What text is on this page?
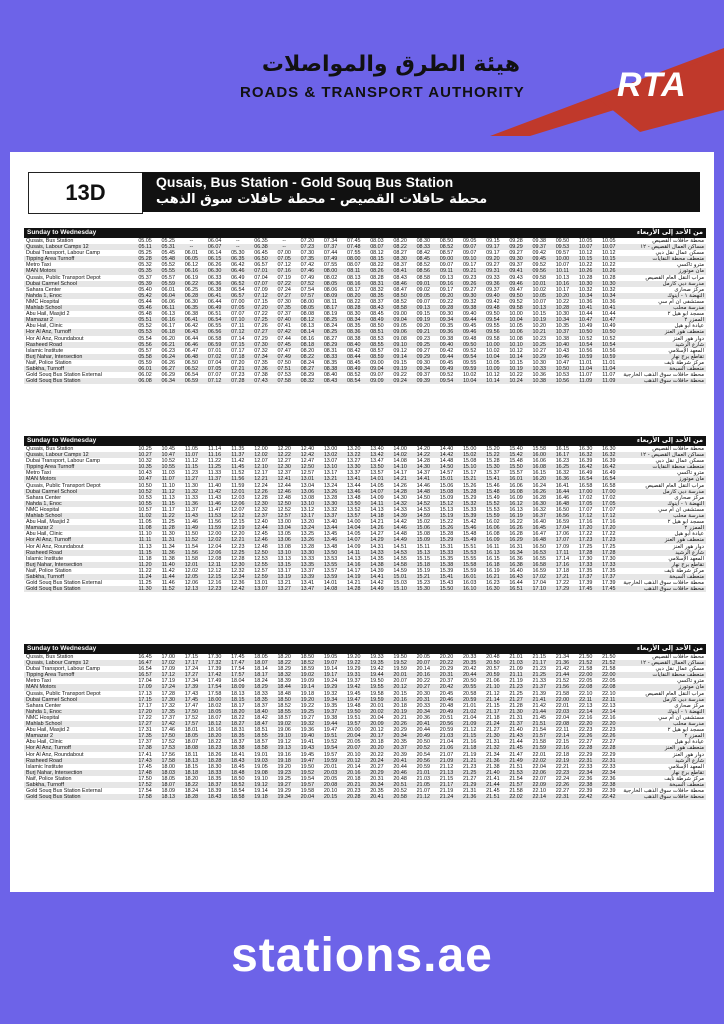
هيئة الطرق والمواصلات
ROADS & TRANSPORT AUTHORITY	RTA
13D	Qusais, Bus Station - Gold Souq Bus Station
محطة حافلات القصيص - محطة حافلات سوق الذهب
Sunday to Wednesday	من الأحد إلى الأربعاء
Qusais, Bus Station	05.05	05.25	--	06.04	--	06.35	--	07.20	07.34	07.45	08.03	08.20	08.30	08.50	09.05	09.15	09.28	09.38	09.50	10.05	10.05	محطة حافلات القصيص
Qusais, Labour Camps 12	05.11	05.31	--	06.07	--	06.38	--	07.23	07.37	07.48	08.07	08.22	08.33	08.52	09.07	09.17	09.29	09.37	09.53	10.07	10.07	مساكن العمال القصيص - ١٢
Dubai Transport, Labour Camp	05.25	05.45	06.01	06.14	05.30	06.45	07.00	07.30	07.44	07.55	08.12	08.27	08.42	08.57	09.07	09.17	09.27	09.42	09.57	10.12	10.12	مسكن عمال نقل دبي
Tipping Area Turnoff	05.28	05.48	06.05	06.15	06.35	06.50	07.05	07.35	07.49	08.00	08.15	08.30	08.45	09.00	09.10	09.20	09.30	09.45	10.00	10.15	10.15	منعطف محطة النفايات
Metro Taxi	05.32	05.52	06.12	06.26	06.42	06.57	07.12	07.42	07.55	08.07	08.22	08.37	08.52	09.07	09.17	09.27	09.37	09.52	10.07	10.22	10.22	مترو تاكسي
MAN Motors	05.35	05.55	06.16	06.30	06.46	07.01	07.16	07.46	08.00	08.11	08.26	08.41	08.56	09.11	09.21	09.31	09.41	09.56	10.11	10.26	10.26	مان موتورز
Qusais, Public Transport Depot	05.37	05.57	06.19	06.33	06.49	07.04	07.19	07.49	08.02	08.13	08.28	08.43	08.58	09.13	09.23	09.33	09.43	09.58	10.13	10.28	10.28	مرآب النقل العام القصيص
Dubai Carmel School	05.39	05.59	06.22	06.36	06.52	07.07	07.22	07.52	08.05	08.16	08.31	08.46	09.01	09.16	09.26	09.36	09.46	10.01	10.16	10.30	10.30	مدرسة دبي كارمل
Sahara Center	05.40	06.01	06.25	06.38	06.54	07.09	07.24	07.54	08.06	08.17	08.32	08.47	09.02	09.17	09.27	09.37	09.47	10.02	10.17	10.32	10.32	مركز صحارى
Nahda 1, Enoc	05.42	06.04	06.28	06.41	06.57	07.12	07.27	07.57	08.09	08.20	08.35	08.50	09.05	09.20	09.30	09.40	09.50	10.05	10.20	10.34	10.34	النهضة ١ - اينوك
NMC Hospital	05.44	06.06	06.30	06.44	07.00	07.15	07.30	08.00	08.11	08.22	08.37	08.52	09.07	09.22	09.32	09.42	09.52	10.07	10.22	10.36	10.36	مستشفى ان ام سي
Mahlab School	05.46	06.11	06.35	06.49	07.05	07.20	07.35	08.05	08.17	08.28	08.43	08.58	09.13	09.28	09.38	09.48	09.58	10.13	10.28	10.41	10.41	مدرسة محلب
Abu Hail, Masjid 2	05.48	06.13	06.38	06.51	07.07	07.22	07.37	08.08	08.19	08.30	08.45	09.00	09.15	09.30	09.40	09.50	10.00	10.15	10.30	10.44	10.44	مسجد أبو هيل ٢
Mamazar 2	05.51	06.16	06.41	06.54	07.10	07.25	07.40	08.12	08.25	08.34	08.49	09.04	09.19	09.34	09.44	09.54	10.04	10.19	10.34	10.47	10.47	الممزر ٢
Abu Hail, Clinic	05.52	06.17	06.42	06.55	07.11	07.26	07.41	08.13	08.24	08.35	08.50	09.05	09.20	09.35	09.45	09.55	10.05	10.20	10.35	10.49	10.49	عيادة أبو هيل
Hor Al Anz, Turnoff	05.53	06.18	06.43	06.56	07.12	07.27	07.42	08.14	08.25	08.36	08.51	09.06	09.21	09.36	09.46	09.56	10.06	10.21	10.37	10.50	10.50	منعطف هور العنز
Hor Al Anz, Roundabout	05.54	06.20	06.44	06.58	07.14	07.29	07.44	08.16	08.27	08.38	08.53	09.08	09.23	09.38	09.48	09.58	10.08	10.23	10.38	10.52	10.52	دوار هور العنز
Rasheed Road	05.56	06.21	06.46	06.59	07.15	07.30	07.45	08.18	08.29	08.40	08.55	09.10	09.25	09.40	09.50	10.00	10.10	10.25	10.40	10.54	10.54	شارع الرشيد
Islamic Institute	05.57	06.23	06.47	07.01	07.17	07.32	07.47	08.20	08.31	08.42	08.57	09.12	09.27	09.42	09.52	10.02	10.12	10.27	10.43	10.56	10.56	المعهد الإسلامي
Burj Nahar, Intersection	05.58	06.24	06.48	07.02	07.18	07.34	07.49	08.22	08.33	08.44	08.59	09.14	09.29	09.44	09.54	10.04	10.14	10.29	10.46	10.59	10.59	تقاطع برج نهار
Naif, Police Station	05.59	06.26	06.50	07.04	07.20	07.35	07.50	08.24	08.35	08.45	09.00	09.15	09.30	09.45	09.55	10.05	10.15	10.30	10.47	11.01	11.01	مركز شرطة نايف
Sabkha, Turnoff	06.01	06.27	06.52	07.05	07.21	07.36	07.51	08.27	08.38	08.49	09.04	09.19	09.34	09.49	09.59	10.09	10.19	10.33	10.50	11.04	11.04	منعطف السبخة
Gold Souq Bus Station External	06.02	06.29	06.54	07.07	07.23	07.38	07.53	08.29	08.40	08.52	09.07	09.22	09.37	09.52	10.02	10.12	10.22	10.36	10.53	11.07	11.07	محطة حافلات سوق الذهب الخارجية
Gold Souq Bus Station	06.08	06.34	06.59	07.12	07.28	07.43	07.58	08.32	08.43	08.54	09.09	09.24	09.39	09.54	10.04	10.14	10.24	10.38	10.56	11.09	11.09	محطة حافلات سوق الذهب
Sunday to Wednesday	من الأحد إلى الأربعاء
Qusais, Bus Station	10.25	10.45	11.05	11.14	11.35	12.00	12.20	12.40	13.00	13.20	13.40	14.00	14.20	14.40	15.00	15.20	15.40	15.58	16.15	16.30	16.30	محطة حافلات القصيص
Qusais, Labour Camps 12	10.27	10.47	11.07	11.16	11.37	12.02	12.22	12.42	13.02	13.22	13.42	14.02	14.22	14.42	15.02	15.22	15.42	16.00	16.17	16.32	16.32	مساكن العمال القصيص - ١٢
Dubai Transport, Labour Camp	10.32	10.52	11.12	11.22	11.42	12.07	12.27	12.47	13.07	13.27	13.47	14.08	14.28	14.48	15.08	15.28	15.48	16.06	16.23	16.39	16.39	مسكن عمال نقل دبي
Tipping Area Turnoff	10.35	10.55	11.15	11.25	11.45	12.10	12.30	12.50	13.10	13.30	13.50	14.10	14.30	14.50	15.10	15.30	15.50	16.08	16.25	16.42	16.42	منعطف محطة النفايات
Metro Taxi	10.43	11.03	11.23	11.33	11.52	12.17	12.37	12.57	13.17	13.37	13.57	14.17	14.37	14.57	15.17	15.37	15.57	16.15	16.32	16.49	16.49	مترو تاكسي
MAN Motors	10.47	11.07	11.27	11.37	11.56	12.21	12.41	13.01	13.21	13.41	14.01	14.21	14.41	15.01	15.21	15.41	16.01	16.20	16.36	16.54	16.54	مان موتورز
Qusais, Public Transport Depot	10.50	11.10	11.30	11.40	11.59	12.24	12.44	13.04	13.24	13.44	14.05	14.26	14.46	15.06	15.26	15.46	16.06	16.24	16.41	16.58	16.58	مرآب النقل العام القصيص
Dubai Carmel School	10.52	11.12	11.32	11.42	12.01	12.26	12.46	13.06	13.26	13.46	14.07	14.28	14.48	15.08	15.28	15.48	16.08	16.26	16.44	17.00	17.00	مدرسة دبي كارمل
Sahara Center	10.53	11.13	11.33	11.43	12.03	12.28	12.48	13.08	13.28	13.48	14.09	14.30	14.50	15.09	15.29	15.49	16.09	16.28	16.46	17.02	17.02	مركز صحارى
Nahda 1, Enoc	10.55	11.15	11.36	11.46	12.06	12.30	12.50	13.10	13.30	13.50	14.11	14.32	14.52	15.12	15.32	15.52	16.12	16.30	16.48	17.05	17.05	النهضة ١ - اينوك
NMC Hospital	10.57	11.17	11.37	11.47	12.07	12.32	12.52	13.12	13.32	13.52	14.13	14.33	14.53	15.13	15.33	15.53	16.13	16.32	16.50	17.07	17.07	مستشفى ان ام سي
Mahlab School	11.02	11.22	11.43	11.53	12.12	12.37	12.57	13.17	13.37	13.57	14.18	14.39	14.59	15.19	15.39	15.59	16.19	16.37	16.56	17.12	17.12	مدرسة محلب
Abu Hail, Masjid 2	11.05	11.25	11.46	11.56	12.15	12.40	13.00	13.20	13.40	14.00	14.21	14.42	15.02	15.22	15.42	16.02	16.22	16.40	16.59	17.16	17.16	مسجد أبو هيل ٢
Mamazar 2	11.08	11.28	11.49	11.59	12.19	12.44	13.04	13.24	13.44	14.04	14.26	14.46	15.06	15.26	15.46	16.06	16.26	16.45	17.04	17.20	17.20	الممزر ٢
Abu Hail, Clinic	11.10	11.30	11.50	12.00	12.20	12.45	13.05	13.25	13.45	14.05	14.27	14.48	15.08	15.28	15.48	16.08	16.28	16.47	17.06	17.22	17.22	عيادة أبو هيل
Hor Al Anz, Turnoff	11.11	11.31	11.52	12.02	12.21	12.46	13.06	13.26	13.46	14.07	14.29	14.49	15.09	15.29	15.49	16.09	16.29	16.48	17.07	17.23	17.23	منعطف هور العنز
Hor Al Anz, Roundabout	11.13	11.34	11.54	12.04	12.23	12.48	13.08	13.28	13.48	14.09	14.31	14.51	15.11	15.31	15.51	16.11	16.31	16.50	17.09	17.25	17.25	دوار هور العنز
Rasheed Road	11.15	11.36	11.56	12.06	12.25	12.50	13.10	13.30	13.50	14.11	14.33	14.53	15.13	15.33	15.53	16.13	16.34	16.53	17.11	17.28	17.28	شارع الرشيد
Islamic Institute	11.18	11.38	11.58	12.08	12.28	12.53	13.13	13.33	13.53	14.13	14.35	14.55	15.15	15.35	15.55	16.15	16.36	16.55	17.14	17.30	17.30	المعهد الإسلامي
Burj Nahar, Intersection	11.20	11.40	12.01	12.11	12.30	12.55	13.15	13.35	13.55	14.16	14.38	14.58	15.18	15.38	15.58	16.18	16.38	16.58	17.16	17.33	17.33	تقاطع برج نهار
Naif, Police Station	11.22	11.42	12.02	12.12	12.32	12.57	13.17	13.37	13.57	14.17	14.39	14.59	15.19	15.39	15.59	16.19	16.40	16.59	17.18	17.35	17.35	مركز شرطة نايف
Sabkha, Turnoff	11.24	11.44	12.05	12.15	12.34	12.59	13.19	13.39	13.59	14.19	14.41	15.01	15.21	15.41	16.01	16.21	16.43	17.02	17.21	17.37	17.37	منعطف السبخة
Gold Souq Bus Station External	11.25	11.46	12.06	12.16	12.36	13.01	13.21	13.41	14.01	14.21	14.42	15.03	15.23	15.43	16.03	16.23	16.44	17.04	17.22	17.39	17.39	محطة حافلات سوق الذهب الخارجية
Gold Souq Bus Station	11.30	11.52	12.13	12.23	12.42	13.07	13.27	13.47	14.08	14.28	14.49	15.10	15.30	15.50	16.10	16.30	16.51	17.10	17.29	17.45	17.45	محطة حافلات سوق الذهب
Sunday to Wednesday	من الأحد إلى الأربعاء
Qusais, Bus Station	16.45	17.00	17.15	17.30	17.45	18.05	18.20	18.50	19.05	19.20	19.33	19.50	20.05	20.20	20.33	20.48	21.01	21.15	21.34	21.50	21.50	محطة حافلات القصيص
Qusais, Labour Camps 12	16.47	17.02	17.17	17.32	17.47	18.07	18.22	18.52	19.07	19.22	19.35	19.52	20.07	20.22	20.35	20.50	21.03	21.17	21.36	21.52	21.52	مساكن العمال القصيص - ١٢
Dubai Transport, Labour Camp	16.54	17.09	17.24	17.39	17.54	18.14	18.29	18.59	19.14	19.29	19.42	19.59	20.14	20.29	20.42	20.57	21.09	21.23	21.42	21.58	21.58	مسكن عمال نقل دبي
Tipping Area Turnoff	16.57	17.12	17.27	17.42	17.57	18.17	18.32	19.02	19.17	19.31	19.44	20.01	20.16	20.31	20.44	20.59	21.11	21.25	21.44	22.00	22.00	منعطف محطة النفايات
Metro Taxi	17.04	17.19	17.34	17.49	18.04	18.24	18.39	19.09	19.24	19.37	19.50	20.07	20.22	20.37	20.50	21.06	21.19	21.33	21.52	22.05	22.05	مترو تاكسي
MAN Motors	17.09	17.24	17.39	17.54	18.09	18.29	18.44	19.14	19.29	19.42	19.55	20.12	20.27	20.42	20.55	21.10	21.23	21.37	21.56	22.08	22.08	مان موتورز
Qusais, Public Transport Depot	17.13	17.28	17.43	17.58	18.13	18.33	18.48	19.18	19.32	19.45	19.58	20.15	20.30	20.45	20.58	21.12	21.25	21.39	21.58	22.10	22.10	مرآب النقل العام القصيص
Dubai Carmel School	17.15	17.30	17.45	18.00	18.15	18.35	18.50	19.20	19.34	19.47	19.59	20.16	20.31	20.46	20.59	21.14	21.27	21.41	22.00	22.11	22.11	مدرسة دبي كارمل
Sahara Center	17.17	17.32	17.47	18.02	18.17	18.37	18.52	19.22	19.35	19.48	20.01	20.18	20.33	20.48	21.01	21.15	21.28	21.42	22.01	22.13	22.13	مركز صحارى
Nahda 1, Enoc	17.20	17.35	17.50	18.05	18.20	18.40	18.55	19.25	19.37	19.50	20.02	20.19	20.34	20.49	21.02	21.17	21.30	21.44	22.03	22.14	22.14	النهضة ١ - اينوك
NMC Hospital	17.22	17.37	17.52	18.07	18.22	18.42	18.57	19.27	19.38	19.51	20.04	20.21	20.36	20.51	21.04	21.18	21.31	21.45	22.04	22.16	22.16	مستشفى ان ام سي
Mahlab School	17.27	17.42	17.57	18.12	18.27	18.47	19.02	19.32	19.44	19.57	20.09	20.26	20.41	20.56	21.09	21.24	21.37	21.51	22.08	22.20	22.20	مدرسة محلب
Abu Hail, Masjid 2	17.31	17.46	18.01	18.16	18.31	18.51	19.06	19.36	19.47	20.00	20.12	20.29	20.44	20.59	21.12	21.27	21.40	21.54	22.11	22.23	22.23	مسجد أبو هيل ٢
Mamazar 2	17.35	17.50	18.05	18.20	18.35	18.55	19.10	19.40	19.51	20.04	20.17	20.34	20.49	21.03	21.15	21.30	21.43	21.57	22.14	22.26	22.26	الممزر ٢
Abu Hail, Clinic	17.37	17.52	18.07	18.22	18.37	18.57	19.12	19.41	19.52	20.05	20.18	20.35	20.50	21.04	21.16	21.31	21.44	21.58	22.15	22.27	22.27	عيادة أبو هيل
Hor Al Anz, Turnoff	17.38	17.53	18.08	18.23	18.38	18.58	19.13	19.43	19.54	20.07	20.20	20.37	20.52	21.06	21.18	21.32	21.45	21.59	22.16	22.28	22.28	منعطف هور العنز
Hor Al Anz, Roundabout	17.41	17.56	18.11	18.26	18.41	19.01	19.16	19.45	19.57	20.10	20.22	20.39	20.54	21.07	21.19	21.34	21.47	22.01	22.18	22.29	22.29	دوار هور العنز
Rasheed Road	17.43	17.58	18.13	18.28	18.43	19.03	19.18	19.47	19.59	20.12	20.24	20.41	20.56	21.09	21.21	21.36	21.49	22.02	22.19	22.31	22.31	شارع الرشيد
Islamic Institute	17.45	18.00	18.15	18.30	18.45	19.05	19.20	19.50	20.01	20.14	20.27	20.44	20.59	21.12	21.23	21.38	21.51	22.04	22.21	22.33	22.33	المعهد الإسلامي
Burj Nahar, Intersection	17.48	18.03	18.18	18.33	18.48	19.08	19.23	19.52	20.03	20.16	20.29	20.46	21.01	21.13	21.25	21.40	21.53	22.06	22.23	22.34	22.34	تقاطع برج نهار
Naif, Police Station	17.50	18.05	18.20	18.35	18.50	19.10	19.25	19.54	20.05	20.18	20.31	20.48	21.03	21.15	21.27	21.41	21.54	22.07	22.24	22.36	22.36	مركز شرطة نايف
Sabkha, Turnoff	17.52	18.07	18.22	18.37	18.52	19.12	19.27	19.57	20.08	20.21	20.34	20.51	21.05	21.17	21.29	21.44	21.57	22.09	22.26	22.38	22.38	منعطف السبخة
Gold Souq Bus Station External	17.54	18.09	18.24	18.39	18.54	19.14	19.29	19.58	20.10	20.23	20.35	20.52	21.07	21.19	21.31	21.45	21.58	22.10	22.27	22.39	22.39	محطة حافلات سوق الذهب الخارجية
Gold Souq Bus Station	17.58	18.13	18.28	18.43	18.58	19.18	19.34	20.04	20.15	20.28	20.41	20.58	21.12	21.24	21.36	21.51	22.02	22.14	22.31	22.42	22.42	محطة حافلات سوق الذهب
stations.ae
